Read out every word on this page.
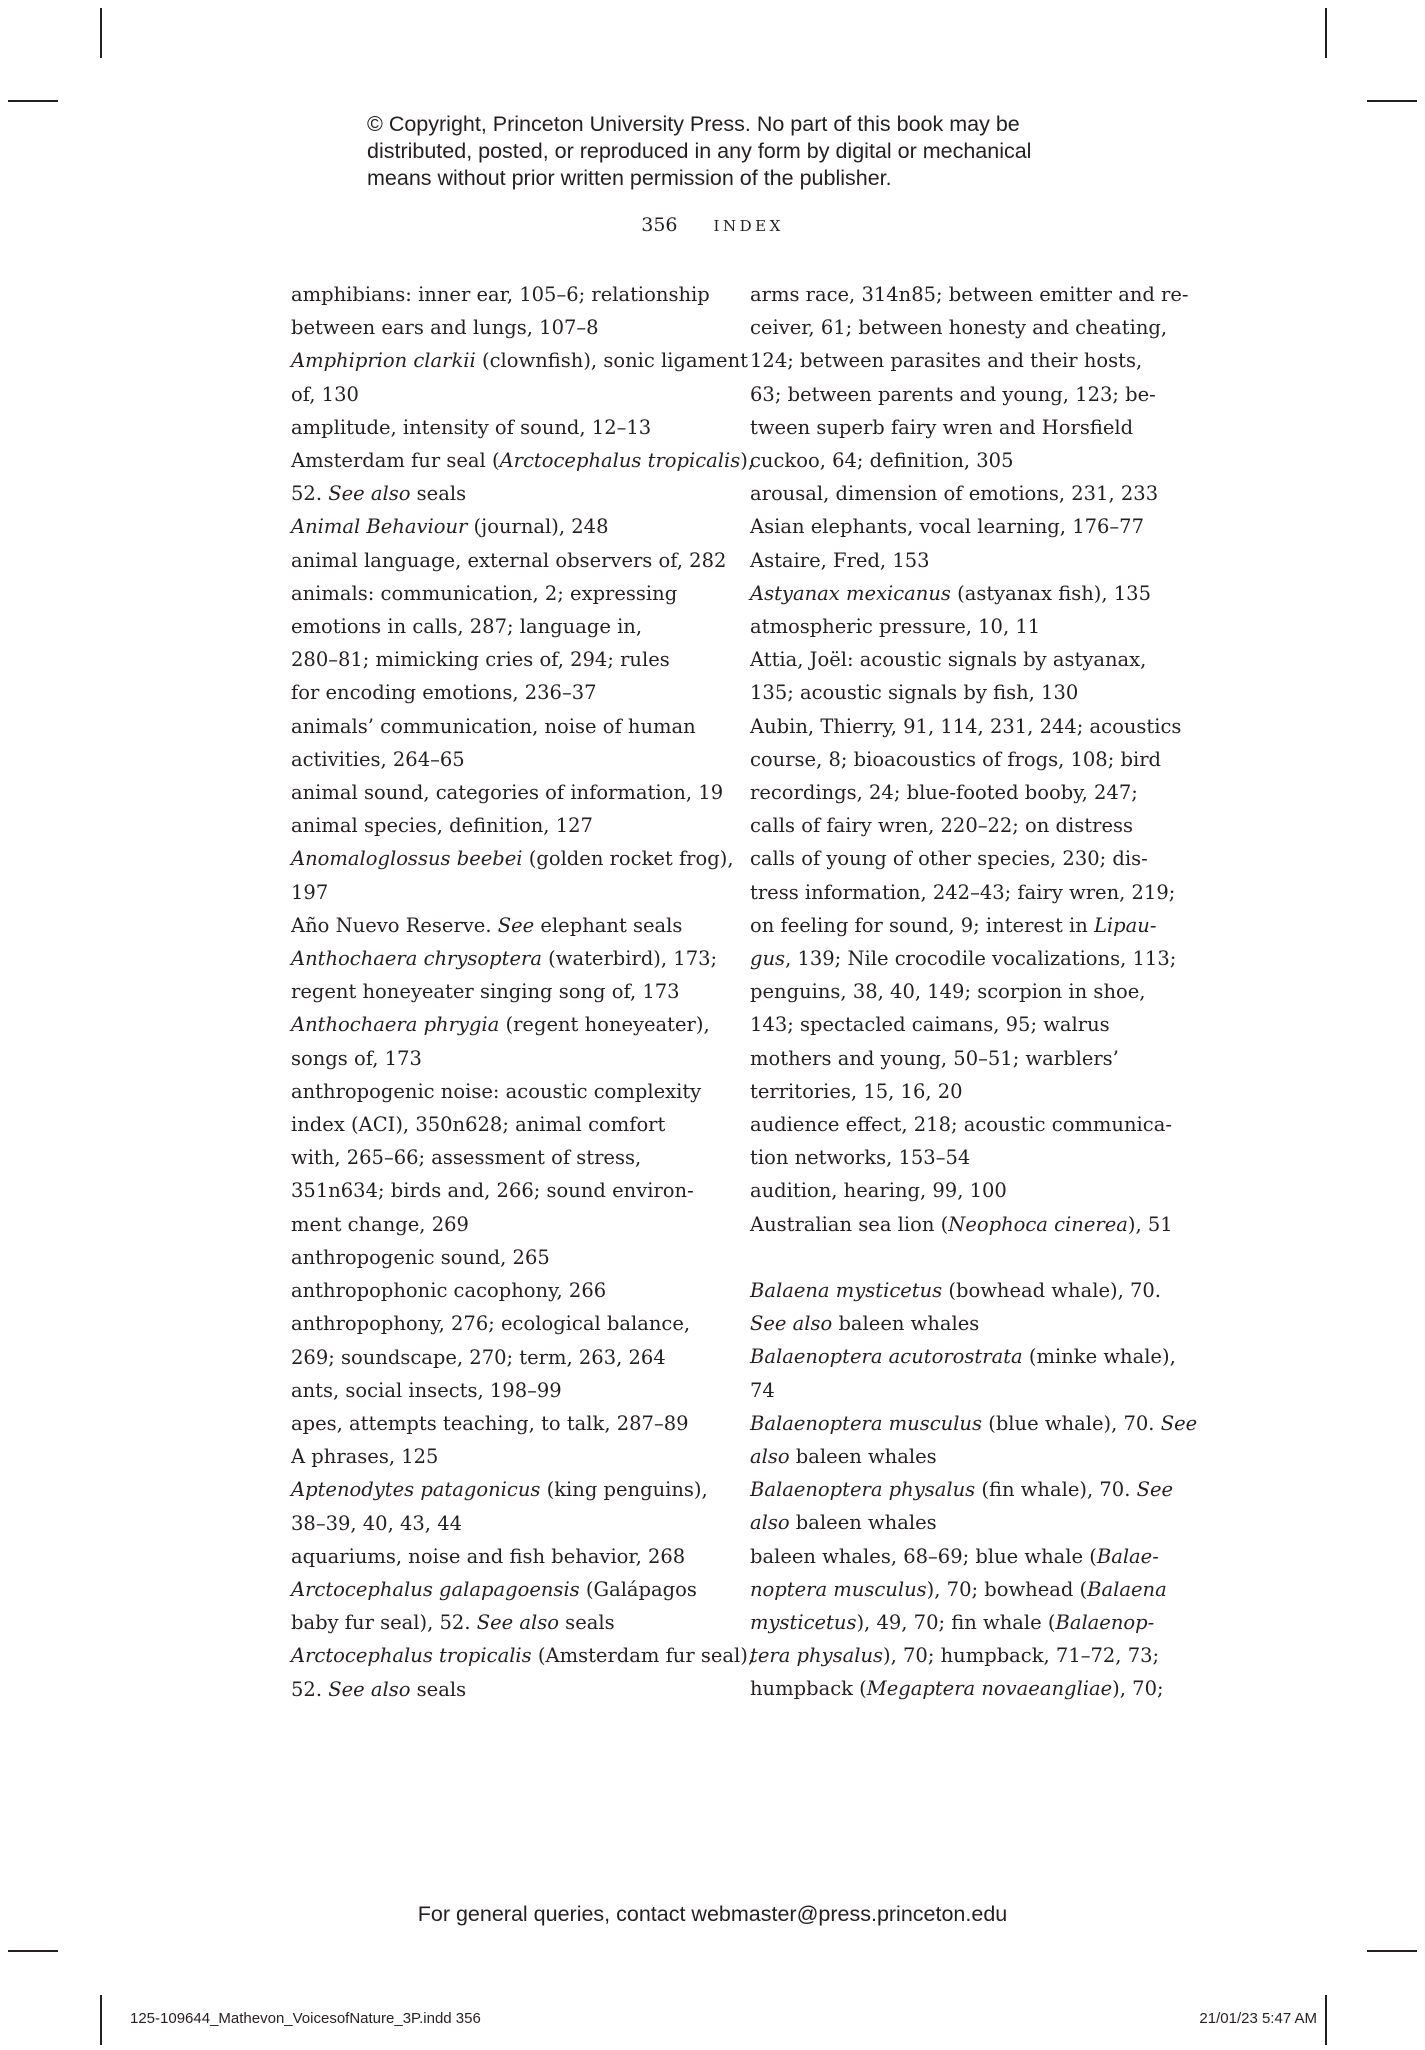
© Copyright, Princeton University Press. No part of this book may be
distributed, posted, or reproduced in any form by digital or mechanical
means without prior written permission of the publisher.
356 index
amphibians: inner ear, 105–6; relationship
between ears and lungs, 107–8
Amphiprion clarkii (clownfish), sonic ligament
of, 130
amplitude, intensity of sound, 12–13
Amsterdam fur seal (Arctocephalus tropicalis),
52. See also seals
Animal Behaviour (journal), 248
animal language, external observers of, 282
animals: communication, 2; expressing
emotions in calls, 287; language in,
280–81; mimicking cries of, 294; rules
for encoding emotions, 236–37
animals’ communication, noise of human
activities, 264–65
animal sound, categories of information, 19
animal species, definition, 127
Anomaloglossus beebei (golden rocket frog),
197
Año Nuevo Reserve. See elephant seals
Anthochaera chrysoptera (waterbird), 173;
regent honeyeater singing song of, 173
Anthochaera phrygia (regent honeyeater),
songs of, 173
anthropogenic noise: acoustic complexity
index (ACI), 350n628; animal comfort
with, 265–66; assessment of stress,
351n634; birds and, 266; sound environ-
ment change, 269
anthropogenic sound, 265
anthropophonic cacophony, 266
anthropophony, 276; ecological balance,
269; soundscape, 270; term, 263, 264
ants, social insects, 198–99
apes, attempts teaching, to talk, 287–89
A phrases, 125
Aptenodytes patagonicus (king penguins),
38–39, 40, 43, 44
aquariums, noise and fish behavior, 268
Arctocephalus galapagoensis (Galápagos
baby fur seal), 52. See also seals
Arctocephalus tropicalis (Amsterdam fur seal),
52. See also seals
arms race, 314n85; between emitter and re-
ceiver, 61; between honesty and cheating,
124; between parasites and their hosts,
63; between parents and young, 123; be-
tween superb fairy wren and Horsfield
cuckoo, 64; definition, 305
arousal, dimension of emotions, 231, 233
Asian elephants, vocal learning, 176–77
Astaire, Fred, 153
Astyanax mexicanus (astyanax fish), 135
atmospheric pressure, 10, 11
Attia, Joël: acoustic signals by astyanax,
135; acoustic signals by fish, 130
Aubin, Thierry, 91, 114, 231, 244; acoustics
course, 8; bioacoustics of frogs, 108; bird
recordings, 24; blue-footed booby, 247;
calls of fairy wren, 220–22; on distress
calls of young of other species, 230; dis-
tress information, 242–43; fairy wren, 219;
on feeling for sound, 9; interest in Lipau-
gus, 139; Nile crocodile vocalizations, 113;
penguins, 38, 40, 149; scorpion in shoe,
143; spectacled caimans, 95; walrus
mothers and young, 50–51; warblers’
territories, 15, 16, 20
audience effect, 218; acoustic communica-
tion networks, 153–54
audition, hearing, 99, 100
Australian sea lion (Neophoca cinerea), 51
Balaena mysticetus (bowhead whale), 70.
See also baleen whales
Balaenoptera acutorostrata (minke whale),
74
Balaenoptera musculus (blue whale), 70. See
also baleen whales
Balaenoptera physalus (fin whale), 70. See
also baleen whales
baleen whales, 68–69; blue whale (Balae-
noptera musculus), 70; bowhead (Balaena
mysticetus), 49, 70; fin whale (Balaenop-
tera physalus), 70; humpback, 71–72, 73;
humpback (Megaptera novaeangliae), 70;
For general queries, contact webmaster@press.princeton.edu
125-109644_Mathevon_VoicesofNature_3P.indd 356	21/01/23 5:47 AM
